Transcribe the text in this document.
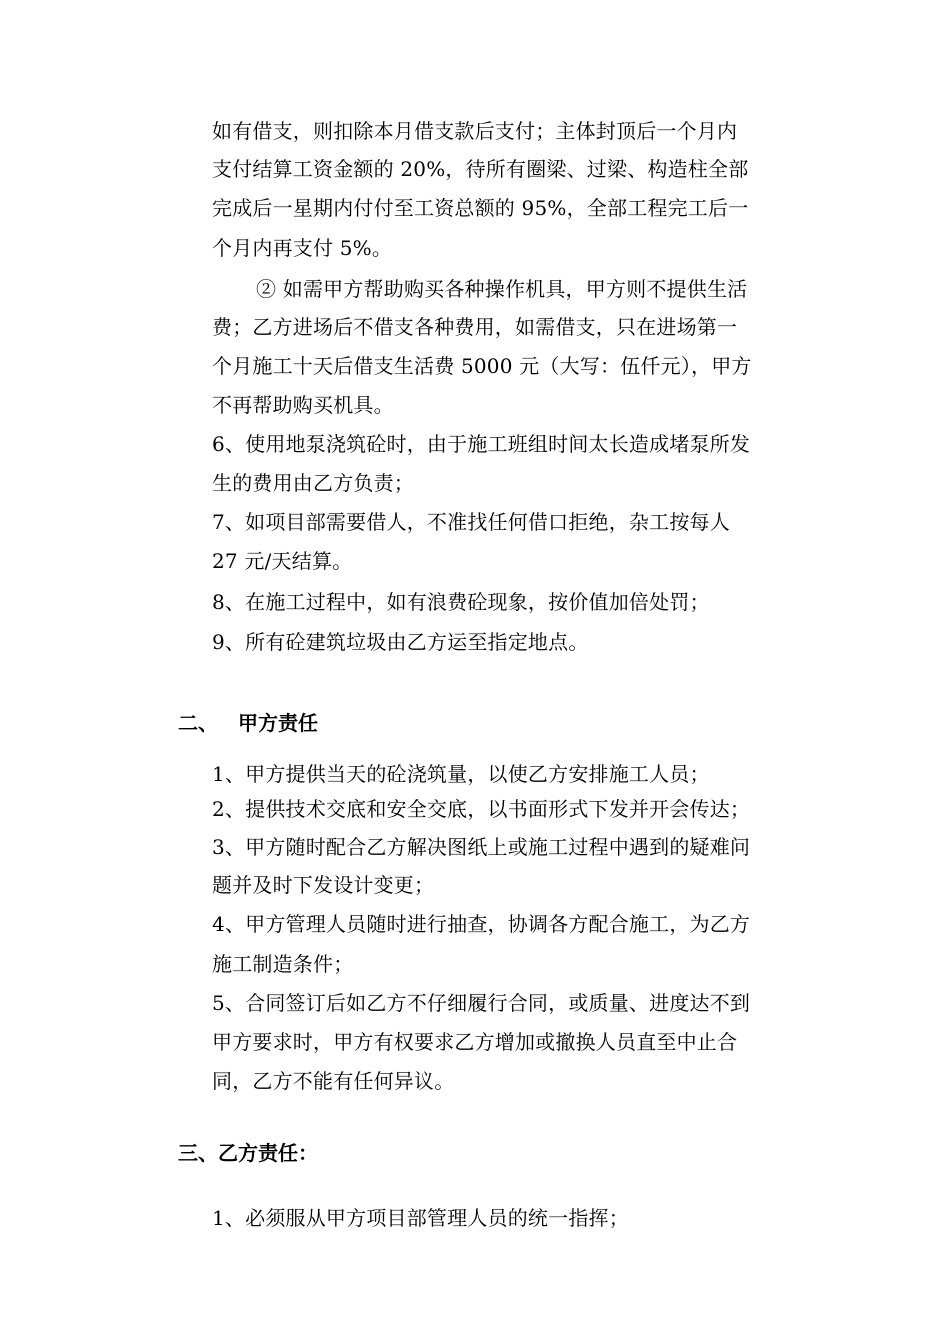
如有借支，则扣除本月借支款后支付；主体封顶后一个月内
支付结算工资金额的 20%，待所有圈梁、过梁、构造柱全部
完成后一星期内付付至工资总额的 95%，全部工程完工后一
个月内再支付 5%。
② 如需甲方帮助购买各种操作机具，甲方则不提供生活
费；乙方进场后不借支各种费用，如需借支，只在进场第一
个月施工十天后借支生活费 5000 元（大写：伍仟元），甲方
不再帮助购买机具。
6、使用地泵浇筑砼时，由于施工班组时间太长造成堵泵所发
生的费用由乙方负责；
7、如项目部需要借人，不准找任何借口拒绝，杂工按每人
27 元/天结算。
8、在施工过程中，如有浪费砼现象，按价值加倍处罚；
9、所有砼建筑垃圾由乙方运至指定地点。
二、 甲方责任
1、甲方提供当天的砼浇筑量，以使乙方安排施工人员；
2、提供技术交底和安全交底，以书面形式下发并开会传达；
3、甲方随时配合乙方解决图纸上或施工过程中遇到的疑难问
题并及时下发设计变更；
4、甲方管理人员随时进行抽查，协调各方配合施工，为乙方
施工制造条件；
5、合同签订后如乙方不仔细履行合同，或质量、进度达不到
甲方要求时，甲方有权要求乙方增加或撤换人员直至中止合
同，乙方不能有任何异议。
三、乙方责任：
1、必须服从甲方项目部管理人员的统一指挥；
